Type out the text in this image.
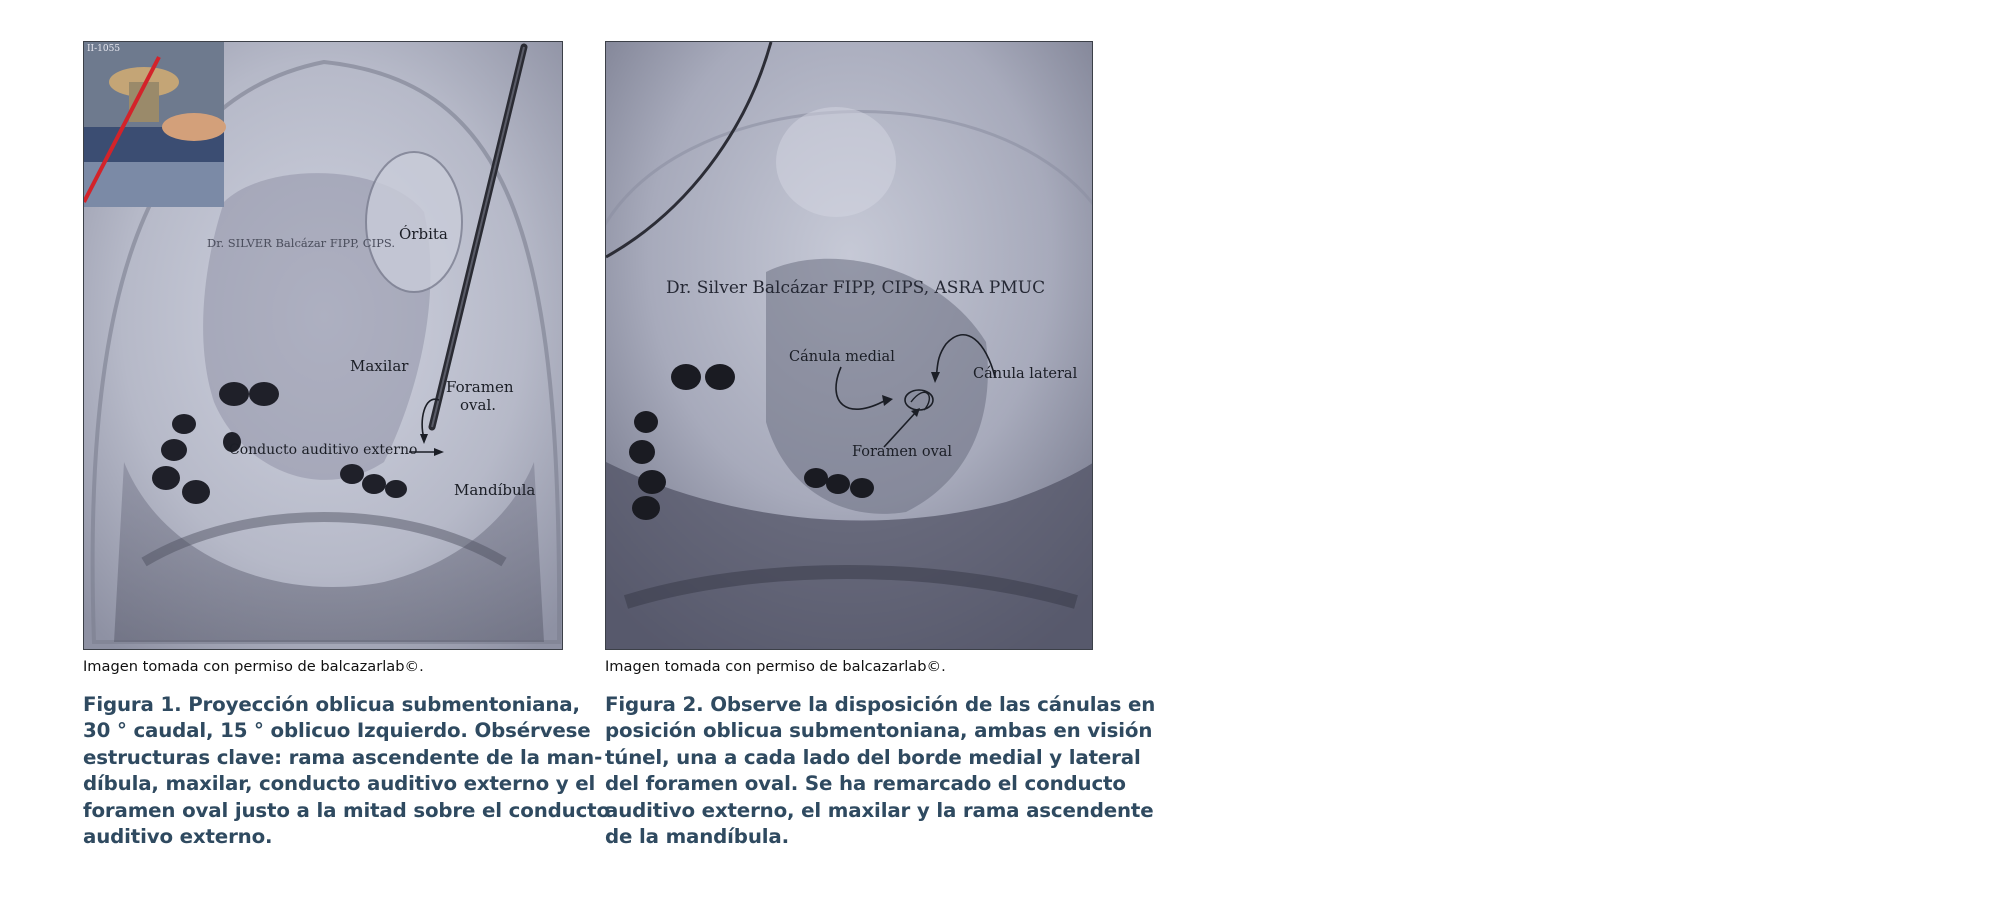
II-1055
Dr. SILVER Balcázar FIPP, CIPS. Órbita
Maxilar
Foramen
oval.
Conducto auditivo externo
Mandíbula
Imagen tomada con permiso de balcazarlab©.
Figura 1. Proyección oblicua submentoniana,
30 ° caudal, 15 ° oblicuo Izquierdo. Obsérvese
estructuras clave: rama ascendente de la man-
díbula, maxilar, conducto auditivo externo y el
foramen oval justo a la mitad sobre el conducto
auditivo externo.
Dr. Silver Balcázar FIPP, CIPS, ASRA PMUC
Cánula medial
Cánula lateral
Foramen oval
Imagen tomada con permiso de balcazarlab©.
Figura 2. Observe la disposición de las cánulas en
posición oblicua submentoniana, ambas en visión
túnel, una a cada lado del borde medial y lateral
del foramen oval. Se ha remarcado el conducto
auditivo externo, el maxilar y la rama ascendente
de la mandíbula.
